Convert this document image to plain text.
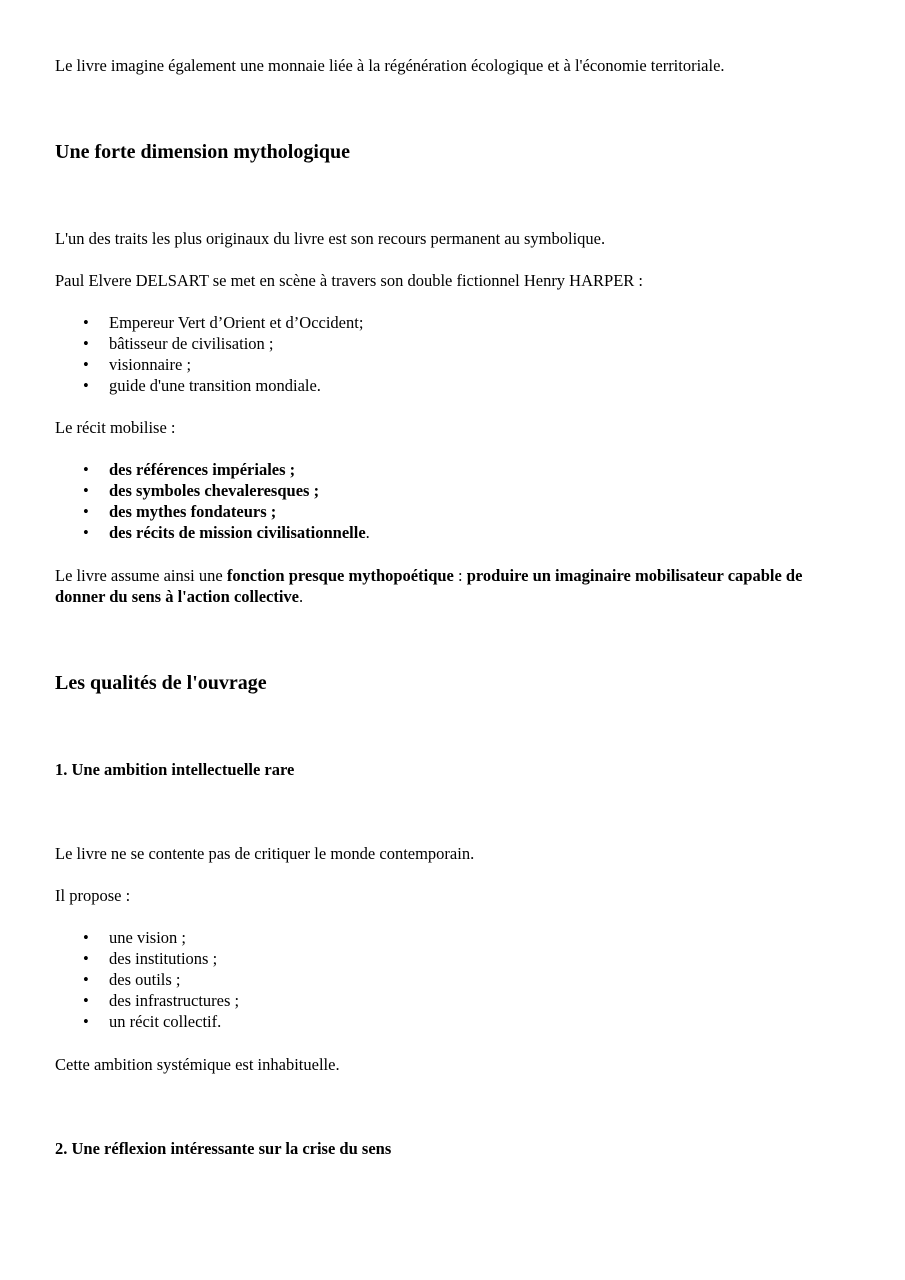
Le livre imagine également une monnaie liée à la régénération écologique et à l'économie territoriale.

Une forte dimension mythologique

L'un des traits les plus originaux du livre est son recours permanent au symbolique.

Paul Elvere DELSART se met en scène à travers son double fictionnel Henry HARPER :

• Empereur Vert d’Orient et d’Occident;
• bâtisseur de civilisation ;
• visionnaire ;
• guide d'une transition mondiale.

Le récit mobilise :

• des références impériales ;
• des symboles chevaleresques ;
• des mythes fondateurs ;
• des récits de mission civilisationnelle.

Le livre assume ainsi une fonction presque mythopoétique : produire un imaginaire mobilisateur capable de donner du sens à l'action collective.

Les qualités de l'ouvrage
1. Une ambition intellectuelle rare

Le livre ne se contente pas de critiquer le monde contemporain.

Il propose :

• une vision ;
• des institutions ;
• des outils ;
• des infrastructures ;
• un récit collectif.

Cette ambition systémique est inhabituelle.

2. Une réflexion intéressante sur la crise du sens
